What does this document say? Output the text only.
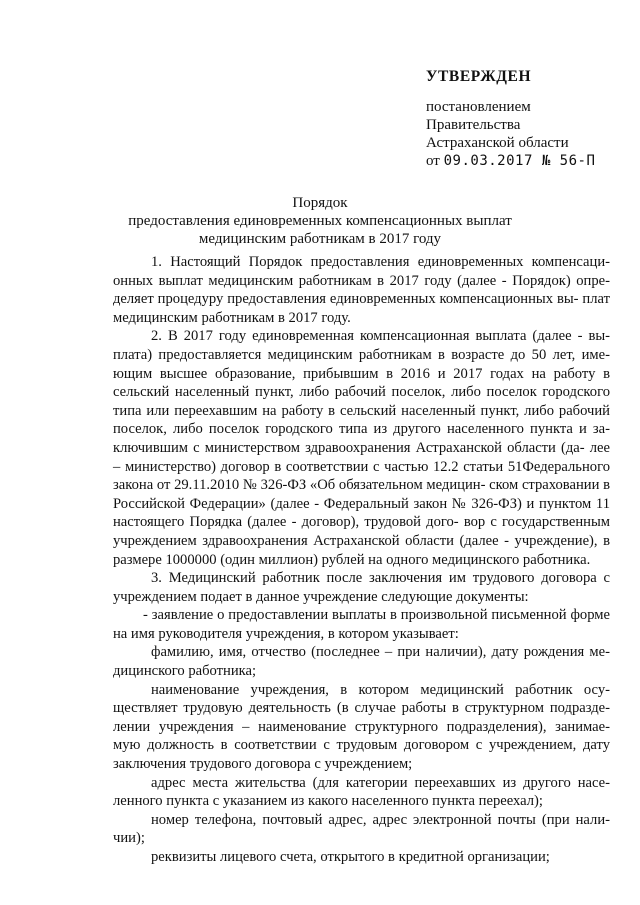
УТВЕРЖДЕН
постановлением
Правительства
Астраханской области
от 09.03.2017 № 56-П
Порядок
предоставления единовременных компенсационных выплат
медицинским работникам в 2017 году

1. Настоящий Порядок предоставления единовременных компенсаци- онных выплат медицинским работникам в 2017 году (далее - Порядок) опре- деляет процедуру предоставления единовременных компенсационных вы- плат медицинским работникам в 2017 году.

2. В 2017 году единовременная компенсационная выплата (далее - вы- плата) предоставляется медицинским работникам в возрасте до 50 лет, име- ющим высшее образование, прибывшим в 2016 и 2017 годах на работу в сельский населенный пункт, либо рабочий поселок, либо поселок городского типа или переехавшим на работу в сельский населенный пункт, либо рабочий поселок, либо поселок городского типа из другого населенного пункта и за- ключившим с министерством здравоохранения Астраханской области (да- лее – министерство) договор в соответствии с частью 12.2 статьи 51Федерального закона от 29.11.2010 № 326-ФЗ «Об обязательном медицин- ском страховании в Российской Федерации» (далее - Федеральный закон № 326-ФЗ) и пунктом 11 настоящего Порядка (далее - договор), трудовой дого- вор с государственным учреждением здравоохранения Астраханской области (далее - учреждение), в размере 1000000 (один миллион) рублей на одного медицинского работника.

3. Медицинский работник после заключения им трудового договора с учреждением подает в данное учреждение следующие документы:

- заявление о предоставлении выплаты в произвольной письменной форме на имя руководителя учреждения, в котором указывает:

фамилию, имя, отчество (последнее – при наличии), дату рождения ме- дицинского работника;

наименование учреждения, в котором медицинский работник осу- ществляет трудовую деятельность (в случае работы в структурном подразде- лении учреждения – наименование структурного подразделения), занимае- мую должность в соответствии с трудовым договором с учреждением, дату заключения трудового договора с учреждением;

адрес места жительства (для категории переехавших из другого насе- ленного пункта с указанием из какого населенного пункта переехал);

номер телефона, почтовый адрес, адрес электронной почты (при нали- чии);

реквизиты лицевого счета, открытого в кредитной организации;
